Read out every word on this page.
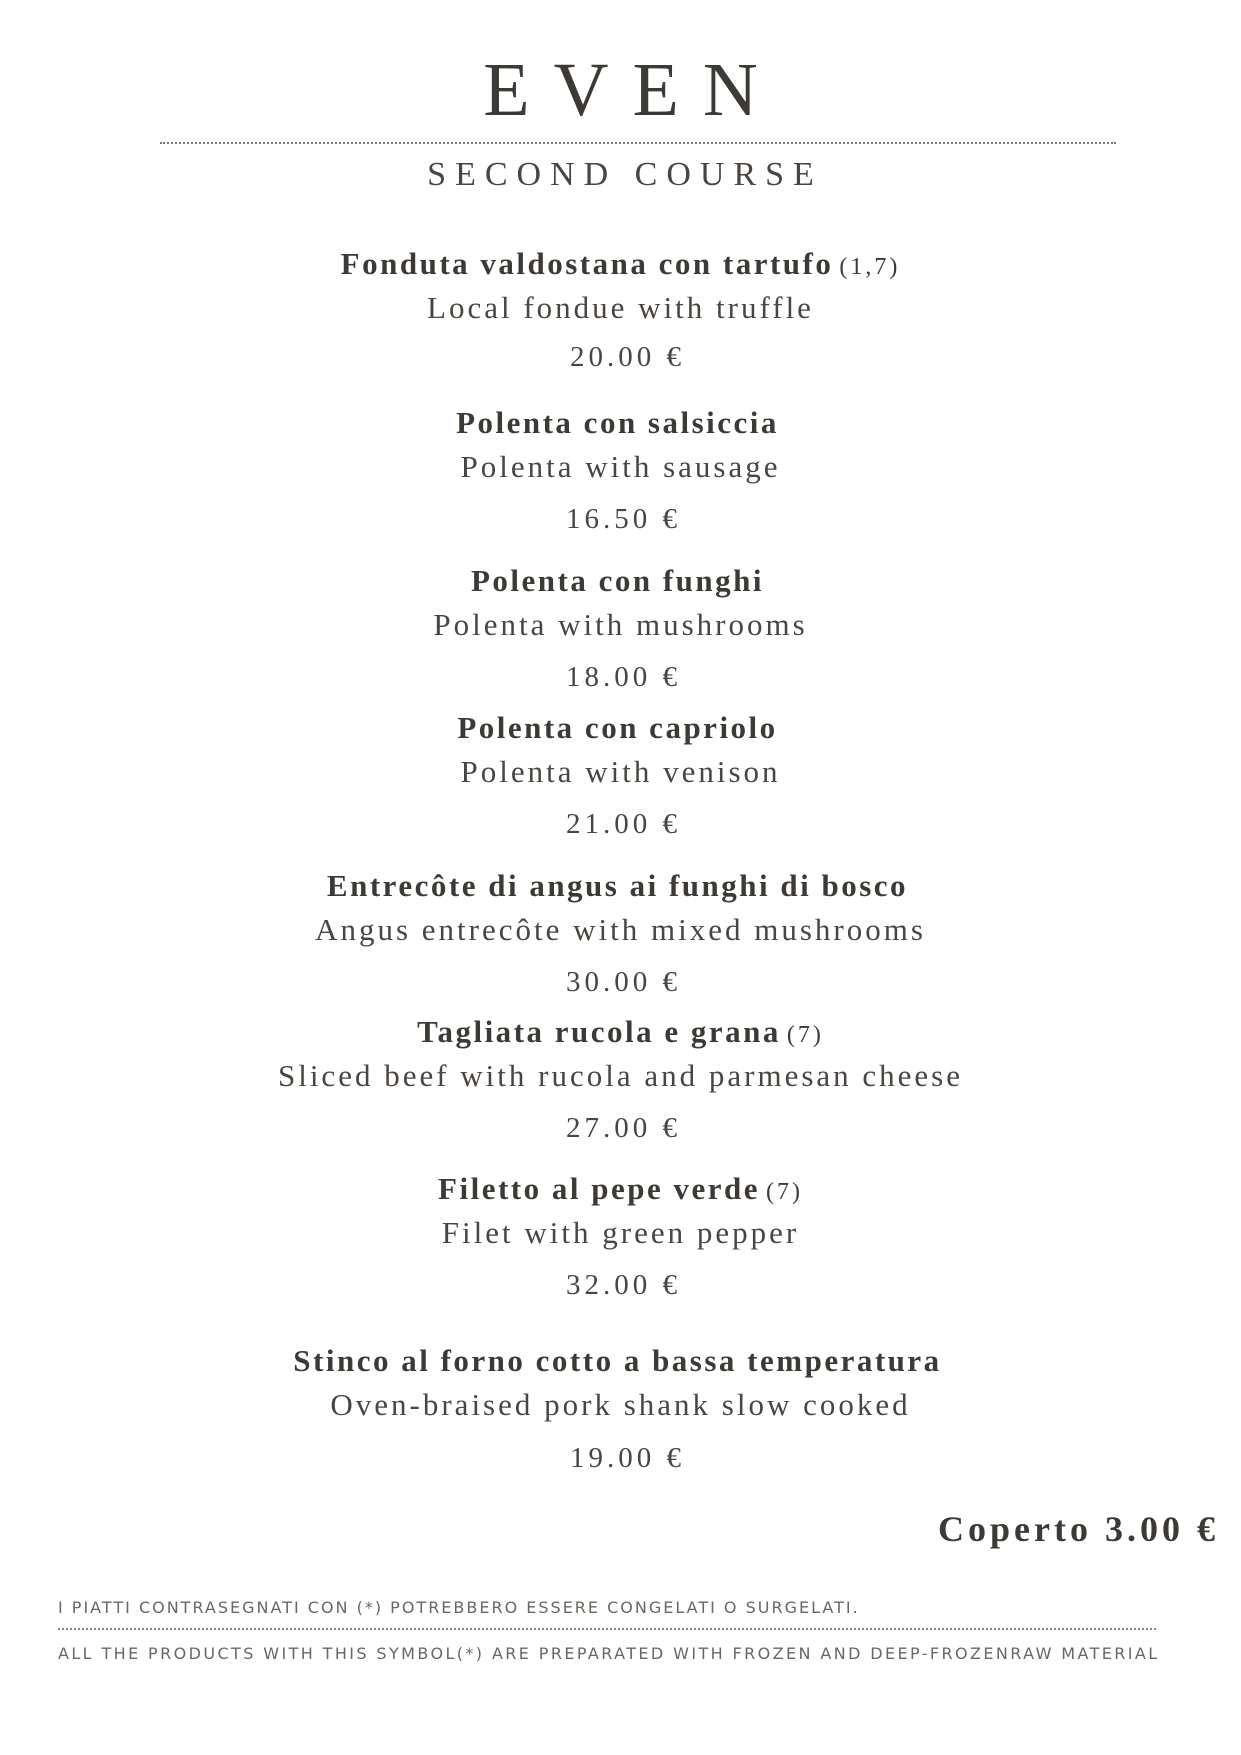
EVEN
SECOND COURSE
Fonduta valdostana con tartufo (1,7)
Local fondue with truffle
20.00 €
Polenta con salsiccia
Polenta with sausage
16.50 €
Polenta con funghi
Polenta with mushrooms
18.00 €
Polenta con capriolo
Polenta with venison
21.00 €
Entrecôte di angus ai funghi di bosco
Angus entrecôte with mixed mushrooms
30.00 €
Tagliata rucola e grana (7)
Sliced beef with rucola and parmesan cheese
27.00 €
Filetto al pepe verde (7)
Filet with green pepper
32.00 €
Stinco al forno cotto a bassa temperatura
Oven-braised pork shank slow cooked
19.00 €
Coperto 3.00 €
I PIATTI CONTRASEGNATI CON (*) POTREBBERO ESSERE CONGELATI O SURGELATI.
ALL THE PRODUCTS WITH THIS SYMBOL(*) ARE PREPARATED WITH FROZEN AND DEEP-FROZENRAW MATERIAL
